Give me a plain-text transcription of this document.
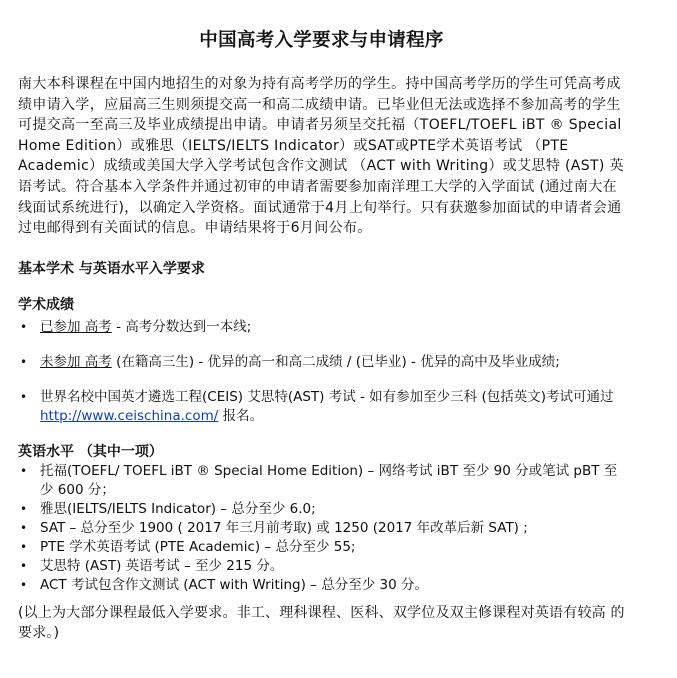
中国高考入学要求与申请程序

南大本科课程在中国内地招生的对象为持有高考学历的学生。持中国高考学历的学生可凭高考成绩申请入学，应届高三生则须提交高一和高二成绩申请。已毕业但无法或选择不参加高考的学生可提交高一至高三及毕业成绩提出申请。申请者另须呈交托福（TOEFL/TOEFL iBT ® Special Home Edition）或雅思（IELTS/IELTS Indicator）或SAT或PTE学术英语考试 （PTE Academic）成绩或美国大学入学考试包含作文测试 （ACT with Writing）或艾思特 (AST) 英语考试。符合基本入学条件并通过初审的申请者需要参加南洋理工大学的入学面试 (通过南大在线面试系统进行)，以确定入学资格。面试通常于4月上旬举行。只有获邀参加面试的申请者会通过电邮得到有关面试的信息。申请结果将于6月间公布。

基本学术 与英语水平入学要求
学术成绩
• 已参加 高考 - 高考分数达到一本线;
• 未参加 高考 (在籍高三生) - 优异的高一和高二成绩 / (已毕业) - 优异的高中及毕业成绩;
• 世界名校中国英才遴选工程(CEIS) 艾思特(AST) 考试 - 如有参加至少三科 (包括英文)考试可通过 http://www.ceischina.com/ 报名。
英语水平 （其中一项）
• 托福(TOEFL/ TOEFL iBT ® Special Home Edition) – 网络考试 iBT 至少 90 分或笔试 pBT 至少 600 分；
• 雅思(IELTS/IELTS Indicator) – 总分至少 6.0;
• SAT – 总分至少 1900 ( 2017 年三月前考取) 或 1250 (2017 年改革后新 SAT) ;
• PTE 学术英语考试 (PTE Academic) – 总分至少 55;
• 艾思特 (AST) 英语考试 – 至少 215 分。
• ACT 考试包含作文测试 (ACT with Writing) – 总分至少 30 分。

(以上为大部分课程最低入学要求。非工、理科课程、医科、双学位及双主修课程对英语有较高 的要求。)
